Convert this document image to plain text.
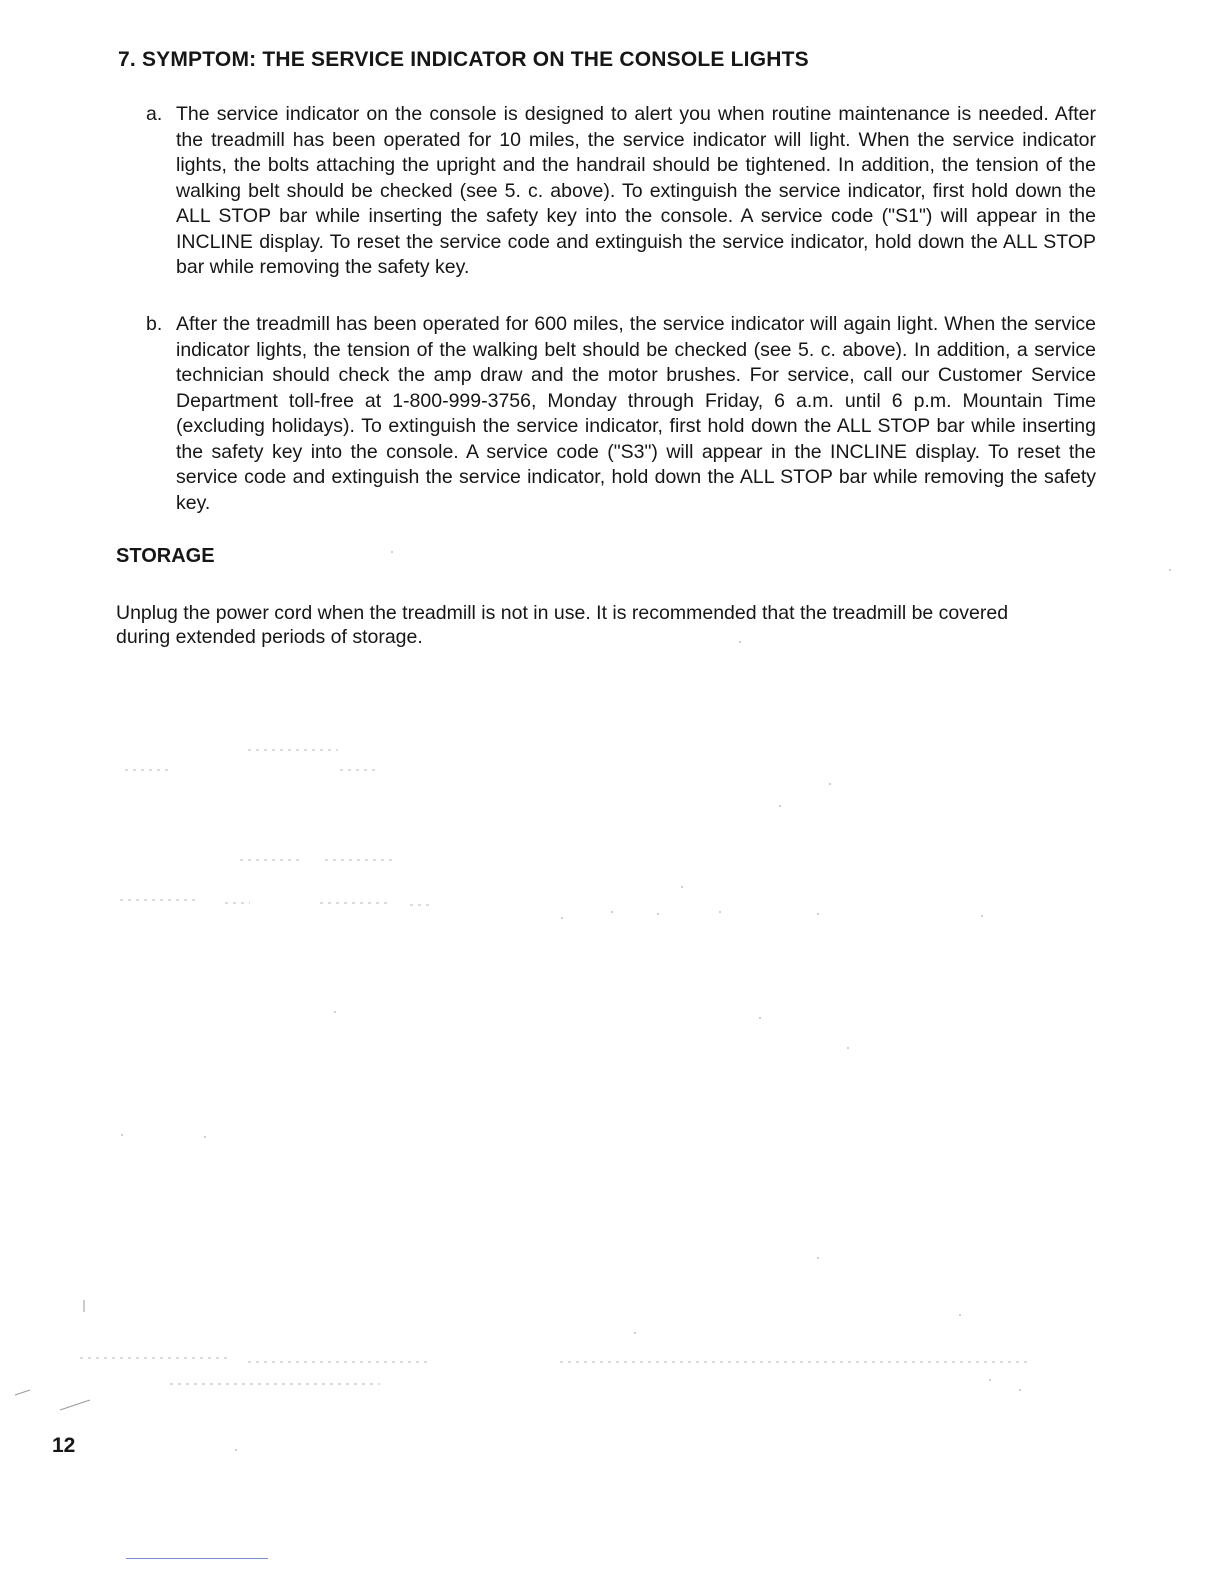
7. SYMPTOM: THE SERVICE INDICATOR ON THE CONSOLE LIGHTS
a. The service indicator on the console is designed to alert you when routine maintenance is needed. After the treadmill has been operated for 10 miles, the service indicator will light. When the service indicator lights, the bolts attaching the upright and the handrail should be tightened. In addition, the tension of the walking belt should be checked (see 5. c. above). To extinguish the service indicator, first hold down the ALL STOP bar while inserting the safety key into the console. A service code ("S1") will appear in the INCLINE display. To reset the service code and extinguish the service indicator, hold down the ALL STOP bar while removing the safety key.
b. After the treadmill has been operated for 600 miles, the service indicator will again light. When the service indicator lights, the tension of the walking belt should be checked (see 5. c. above). In addition, a service technician should check the amp draw and the motor brushes. For service, call our Customer Service Department toll-free at 1-800-999-3756, Monday through Friday, 6 a.m. until 6 p.m. Mountain Time (excluding holidays). To extinguish the service indicator, first hold down the ALL STOP bar while inserting the safety key into the console. A service code ("S3") will appear in the INCLINE display. To reset the service code and extinguish the service indicator, hold down the ALL STOP bar while removing the safety key.
STORAGE

Unplug the power cord when the treadmill is not in use. It is recommended that the treadmill be covered during extended periods of storage.

12
